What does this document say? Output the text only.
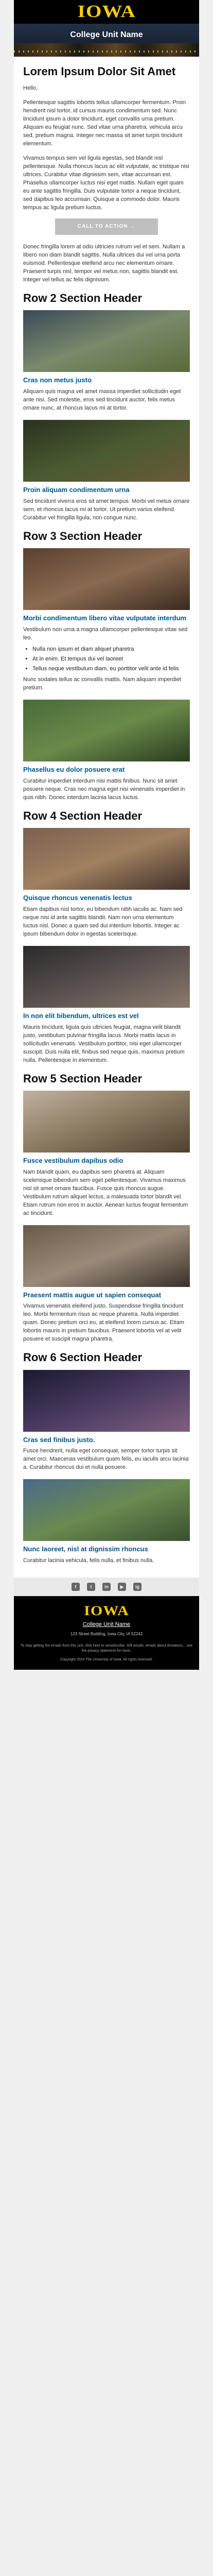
IOWA
College Unit Name
Lorem Ipsum Dolor Sit Amet

Hello,

Pellentesque sagittis lobortis tellus ullamcorper fermentum. Proin hendrerit nisl tortor, id cursus mauris condimentum sed. Nunc tincidunt ipsum a dolor tincidunt, eget convallis urna pretium. Aliquam eu feugiat nunc. Sed vitae urna pharetra, vehicula arcu sed, pretium magna. Integer nec massa sit amet turpis tincidunt elementum.

Vivamus tempus sem vel ligula egestas, sed blandit nisl pellentesque. Nulla rhoncus lacus ac elit vulputate, ac tristique nisi ultrices. Curabitur vitae dignissim sem, vitae accumsan est. Phasellus ullamcorper luctus nisi eget mattis. Nullam eget quam eu ante sagittis fringilla. Duis vulputate tortor a neque tincidunt, sed dapibus leo accumsan. Quisque a commodo dolor. Mauris tempus ac ligula pretium luctus.

CALL TO ACTION →

Donec fringilla lorem at odio ultricies rutrum vel et sem. Nullam a libero non diam blandit sagittis. Nulla ultrices dui vel urna porta euismod. Pellentesque eleifend arcu nec elementum ornare. Praesent turpis nisl, tempor vel metus non, sagittis blandit est. Integer vel tellus ac felis dignissim.

Row 2 Section Header
Cras non metus justo

Aliquam quis magna vel amet massa imperdiet sollicitudin eget ante nisi. Sed molestie, eros sed tincidunt auctor, felis metus ornare nunc, at rhoncus lacus mi at tortor.

Proin aliquam condimentum urna

Sed tincidunt viverra eros sit amet tempus. Morbi vel metus ornare sem, et rhoncus lacus mi at tortor. Ut pretium varius eleifend. Curabitur vel fringilla ligula, non congue nunc.

Row 3 Section Header
Morbi condimentum libero vitae vulputate interdum

Vestibulum non urna a magna ullamcorper pellentesque vitae sed leo.

• Nulla non ipsum et diam aliquet pharetra
• At in enim. Et tempus dui vel laoreet
• Tellus neque vestibulum diam, eu porttitor velit ante id felis

Nunc sodales tellus ac convallis mattis. Nam aliquam imperdiet pretium.

Phasellus eu dolor posuere erat

Curabitur imperdiet interdum nisi mattis finibus. Nunc sit amet posuere neque. Cras nec magna eget nisi venenatis imperdiet in quis nibh. Donec interdum lacinia lacus luctus.

Row 4 Section Header
Quisque rhoncus venenatis lectus

Etiam dapibus nisl tortor, eu bibendum nibh iaculis ac. Nam sed neque nisi id ante sagittis blandit. Nam non urna elementum luctus nisl. Donec a quam sed dui interdum lobortis. Integer ac ipsum bibendum dolor in egestas scelerisque.

In non elit bibendum, ultrices est vel

Mauris tincidunt, ligula quis ultricies feugiat, magna velit blandit justo, vestibulum pulvinar fringilla lacus. Morbi mattis lacus in sollicitudin venenatis. Vestibulum porttitor, nisi eget ullamcorper suscipit. Duis nulla elit, finibus sed neque quis, maximus pretium nulla. Pellentesque in elementum.

Row 5 Section Header
Fusce vestibulum dapibus odio

Nam blandit quam, eu dapibus sem pharetra at. Aliquam scelerisque bibendum sem eget pellentesque. Vivamus maximus nisl sit amet ornare faucibus. Fusce quis rhoncus augue. Vestibulum rutrum aliquet lectus, a malesuada tortor blandit vel. Etiam rutrum non eros in auctor. Aenean luctus feugiat fermentum ac tincidunt.

Praesent mattis augue ut sapien consequat

Vivamus venenatis eleifend justo. Suspendisse fringilla tincidunt leo. Morbi fermentum risus ac neque pharetra. Nulla imperdiet quam. Donec pretium orci eu, at eleifend lorem cursus ac. Etiam lobortis mauris in pretium faucibus. Praesent lobortis vel at velit posuere et suscipit magna pharetra.

Row 6 Section Header
Cras sed finibus justo.

Fusce hendrerit, nulla eget consequat, semper tortor turpis sit amet orci. Maecenas vestibulum quam felis, eu iaculis arcu lacinia a. Curabitur rhoncus dui et nulla posuere.

Nunc laoreet, nisl at dignissim rhoncus

Curabitur lacinia vehicula, felis nulla, et finibus nulla.

f	t	in	▶	ig
IOWA
College Unit Name
123 Street Building, Iowa City, IA 52242
To stop getting the emails from this unit, click here to unsubscribe. Gift emails, emails about donations... see the privacy statement for more.
Copyright 2024 The University of Iowa. All rights reserved.
